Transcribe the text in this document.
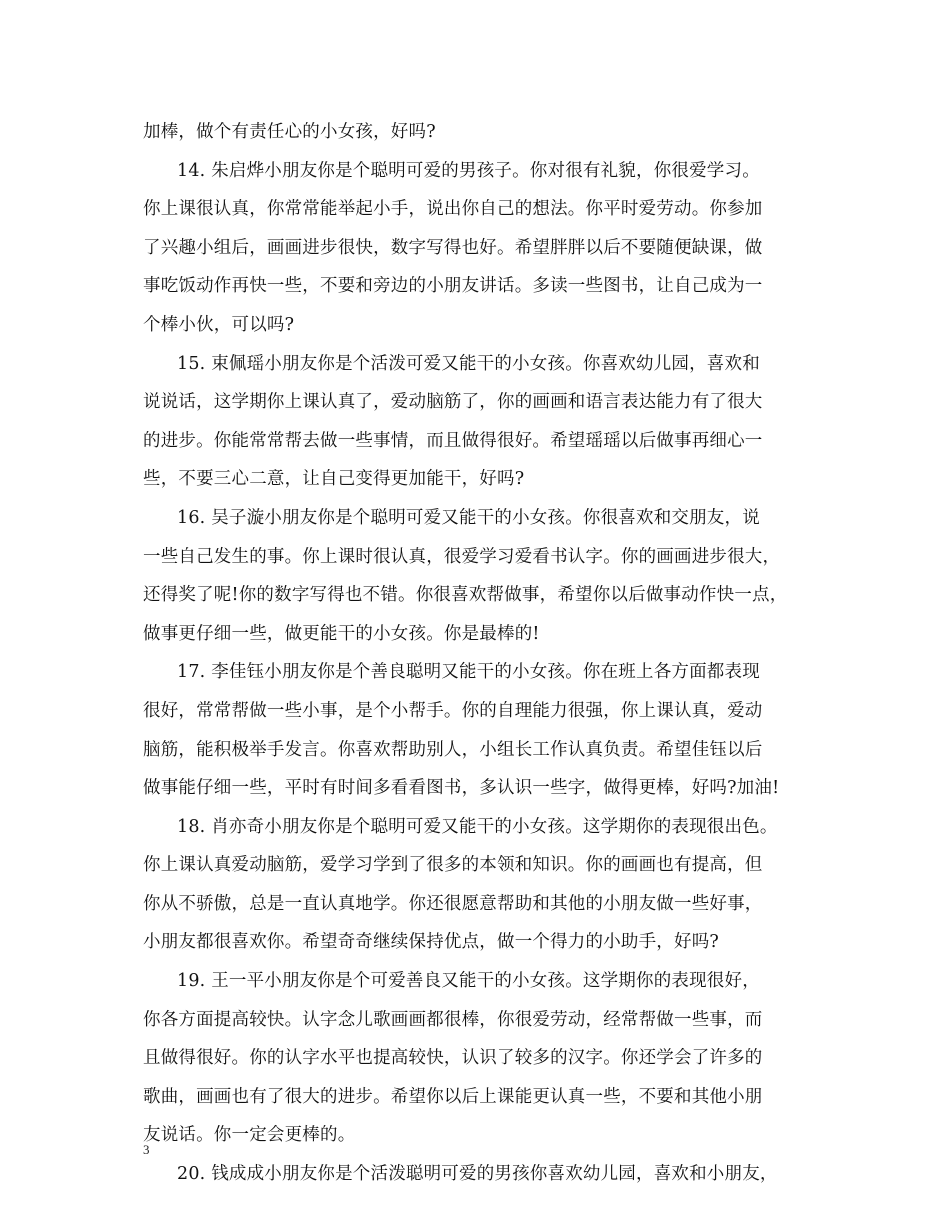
加棒，做个有责任心的小女孩，好吗?
14. 朱启烨小朋友你是个聪明可爱的男孩子。你对很有礼貌，你很爱学习。
你上课很认真，你常常能举起小手，说出你自己的想法。你平时爱劳动。你参加
了兴趣小组后，画画进步很快，数字写得也好。希望胖胖以后不要随便缺课，做
事吃饭动作再快一些，不要和旁边的小朋友讲话。多读一些图书，让自己成为一
个棒小伙，可以吗?
15. 束佩瑶小朋友你是个活泼可爱又能干的小女孩。你喜欢幼儿园，喜欢和
说说话，这学期你上课认真了，爱动脑筋了，你的画画和语言表达能力有了很大
的进步。你能常常帮去做一些事情，而且做得很好。希望瑶瑶以后做事再细心一
些，不要三心二意，让自己变得更加能干，好吗?
16. 吴子漩小朋友你是个聪明可爱又能干的小女孩。你很喜欢和交朋友，说
一些自己发生的事。你上课时很认真，很爱学习爱看书认字。你的画画进步很大，
还得奖了呢!你的数字写得也不错。你很喜欢帮做事，希望你以后做事动作快一点，
做事更仔细一些，做更能干的小女孩。你是最棒的!
17. 李佳钰小朋友你是个善良聪明又能干的小女孩。你在班上各方面都表现
很好，常常帮做一些小事，是个小帮手。你的自理能力很强，你上课认真，爱动
脑筋，能积极举手发言。你喜欢帮助别人，小组长工作认真负责。希望佳钰以后
做事能仔细一些，平时有时间多看看图书，多认识一些字，做得更棒，好吗?加油!
18. 肖亦奇小朋友你是个聪明可爱又能干的小女孩。这学期你的表现很出色。
你上课认真爱动脑筋，爱学习学到了很多的本领和知识。你的画画也有提高，但
你从不骄傲，总是一直认真地学。你还很愿意帮助和其他的小朋友做一些好事，
小朋友都很喜欢你。希望奇奇继续保持优点，做一个得力的小助手，好吗?
19. 王一平小朋友你是个可爱善良又能干的小女孩。这学期你的表现很好，
你各方面提高较快。认字念儿歌画画都很棒，你很爱劳动，经常帮做一些事，而
且做得很好。你的认字水平也提高较快，认识了较多的汉字。你还学会了许多的
歌曲，画画也有了很大的进步。希望你以后上课能更认真一些，不要和其他小朋
友说话。你一定会更棒的。
20. 钱成成小朋友你是个活泼聪明可爱的男孩你喜欢幼儿园，喜欢和小朋友，
3
